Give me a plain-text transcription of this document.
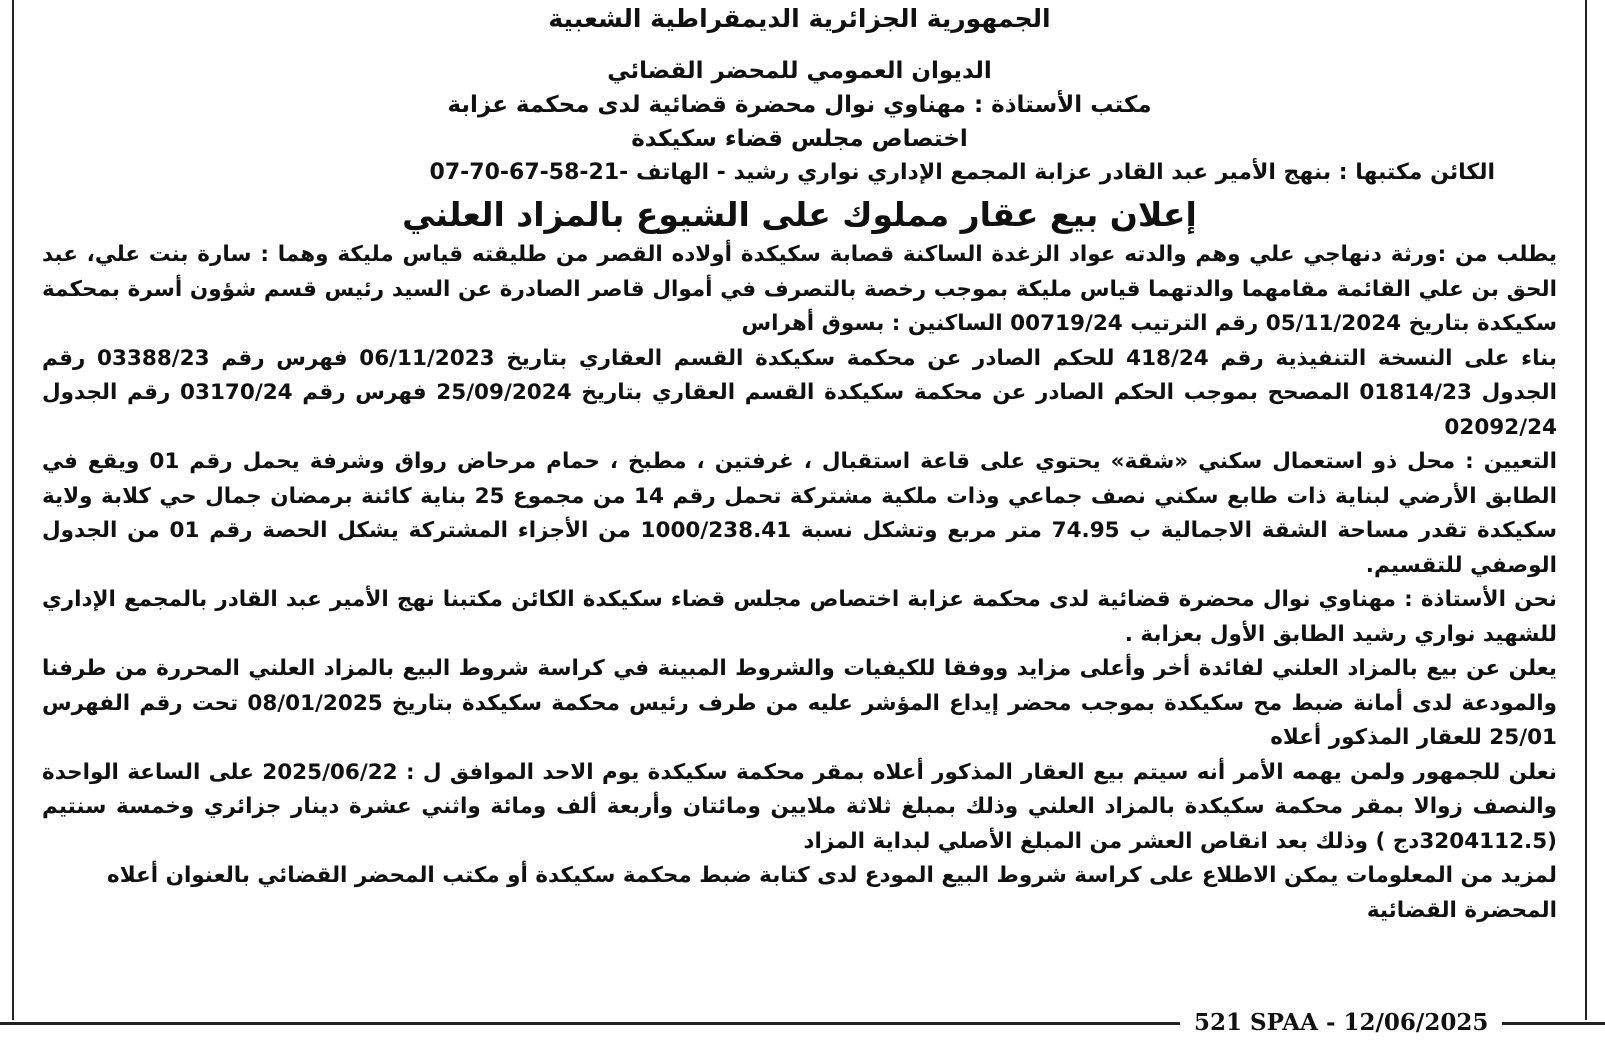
الجمهورية الجزائرية الديمقراطية الشعبية
الديوان العمومي للمحضر القضائي
مكتب الأستاذة : مهناوي نوال محضرة قضائية لدى محكمة عزابة
اختصاص مجلس قضاء سكيكدة
الكائن مكتبها : بنهج الأمير عبد القادر عزابة المجمع الإداري نواري رشيد - الهاتف -07-70-67-58-21
إعلان بيع عقار مملوك على الشيوع بالمزاد العلني

يطلب من :ورثة دنهاجي علي وهم والدته عواد الزغدة الساكنة قصابة سكيكدة أولاده القصر من طليقته قياس مليكة وهما : سارة بنت علي، عبد الحق بن علي القائمة مقامهما والدتهما قياس مليكة بموجب رخصة بالتصرف في أموال قاصر الصادرة عن السيد رئيس قسم شؤون أسرة بمحكمة سكيكدة بتاريخ 05/11/2024 رقم الترتيب 00719/24 الساكنين : بسوق أهراس

بناء على النسخة التنفيذية رقم 418/24 للحكم الصادر عن محكمة سكيكدة القسم العقاري بتاريخ 06/11/2023 فهرس رقم 03388/23 رقم الجدول 01814/23 المصحح بموجب الحكم الصادر عن محكمة سكيكدة القسم العقاري بتاريخ 25/09/2024 فهرس رقم 03170/24 رقم الجدول 02092/24

التعيين : محل ذو استعمال سكني «شقة» يحتوي على قاعة استقبال ، غرفتين ، مطبخ ، حمام مرحاض رواق وشرفة يحمل رقم 01 ويقع في الطابق الأرضي لبناية ذات طابع سكني نصف جماعي وذات ملكية مشتركة تحمل رقم 14 من مجموع 25 بناية كائنة برمضان جمال حي كلابة ولاية سكيكدة تقدر مساحة الشقة الاجمالية ب 74.95 متر مربع وتشكل نسبة 1000/238.41 من الأجزاء المشتركة يشكل الحصة رقم 01 من الجدول الوصفي للتقسيم.

نحن الأستاذة : مهناوي نوال محضرة قضائية لدى محكمة عزابة اختصاص مجلس قضاء سكيكدة الكائن مكتبنا نهج الأمير عبد القادر بالمجمع الإداري للشهيد نواري رشيد الطابق الأول بعزابة .

يعلن عن بيع بالمزاد العلني لفائدة أخر وأعلى مزايد ووفقا للكيفيات والشروط المبينة في كراسة شروط البيع بالمزاد العلني المحررة من طرفنا والمودعة لدى أمانة ضبط مح سكيكدة بموجب محضر إيداع المؤشر عليه من طرف رئيس محكمة سكيكدة بتاريخ 08/01/2025 تحت رقم الفهرس 25/01 للعقار المذكور أعلاه

نعلن للجمهور ولمن يهمه الأمر أنه سيتم بيع العقار المذكور أعلاه بمقر محكمة سكيكدة يوم الاحد الموافق ل : 2025/06/22 على الساعة الواحدة والنصف زوالا بمقر محكمة سكيكدة بالمزاد العلني وذلك بمبلغ ثلاثة ملايين ومائتان وأربعة ألف ومائة واثني عشرة دينار جزائري وخمسة سنتيم (3204112.5دج ) وذلك بعد انقاص العشر من المبلغ الأصلي لبداية المزاد

لمزيد من المعلومات يمكن الاطلاع على كراسة شروط البيع المودع لدى كتابة ضبط محكمة سكيكدة أو مكتب المحضر القضائي بالعنوان أعلاه

المحضرة القضائية

521 SPAA - 12/06/2025
